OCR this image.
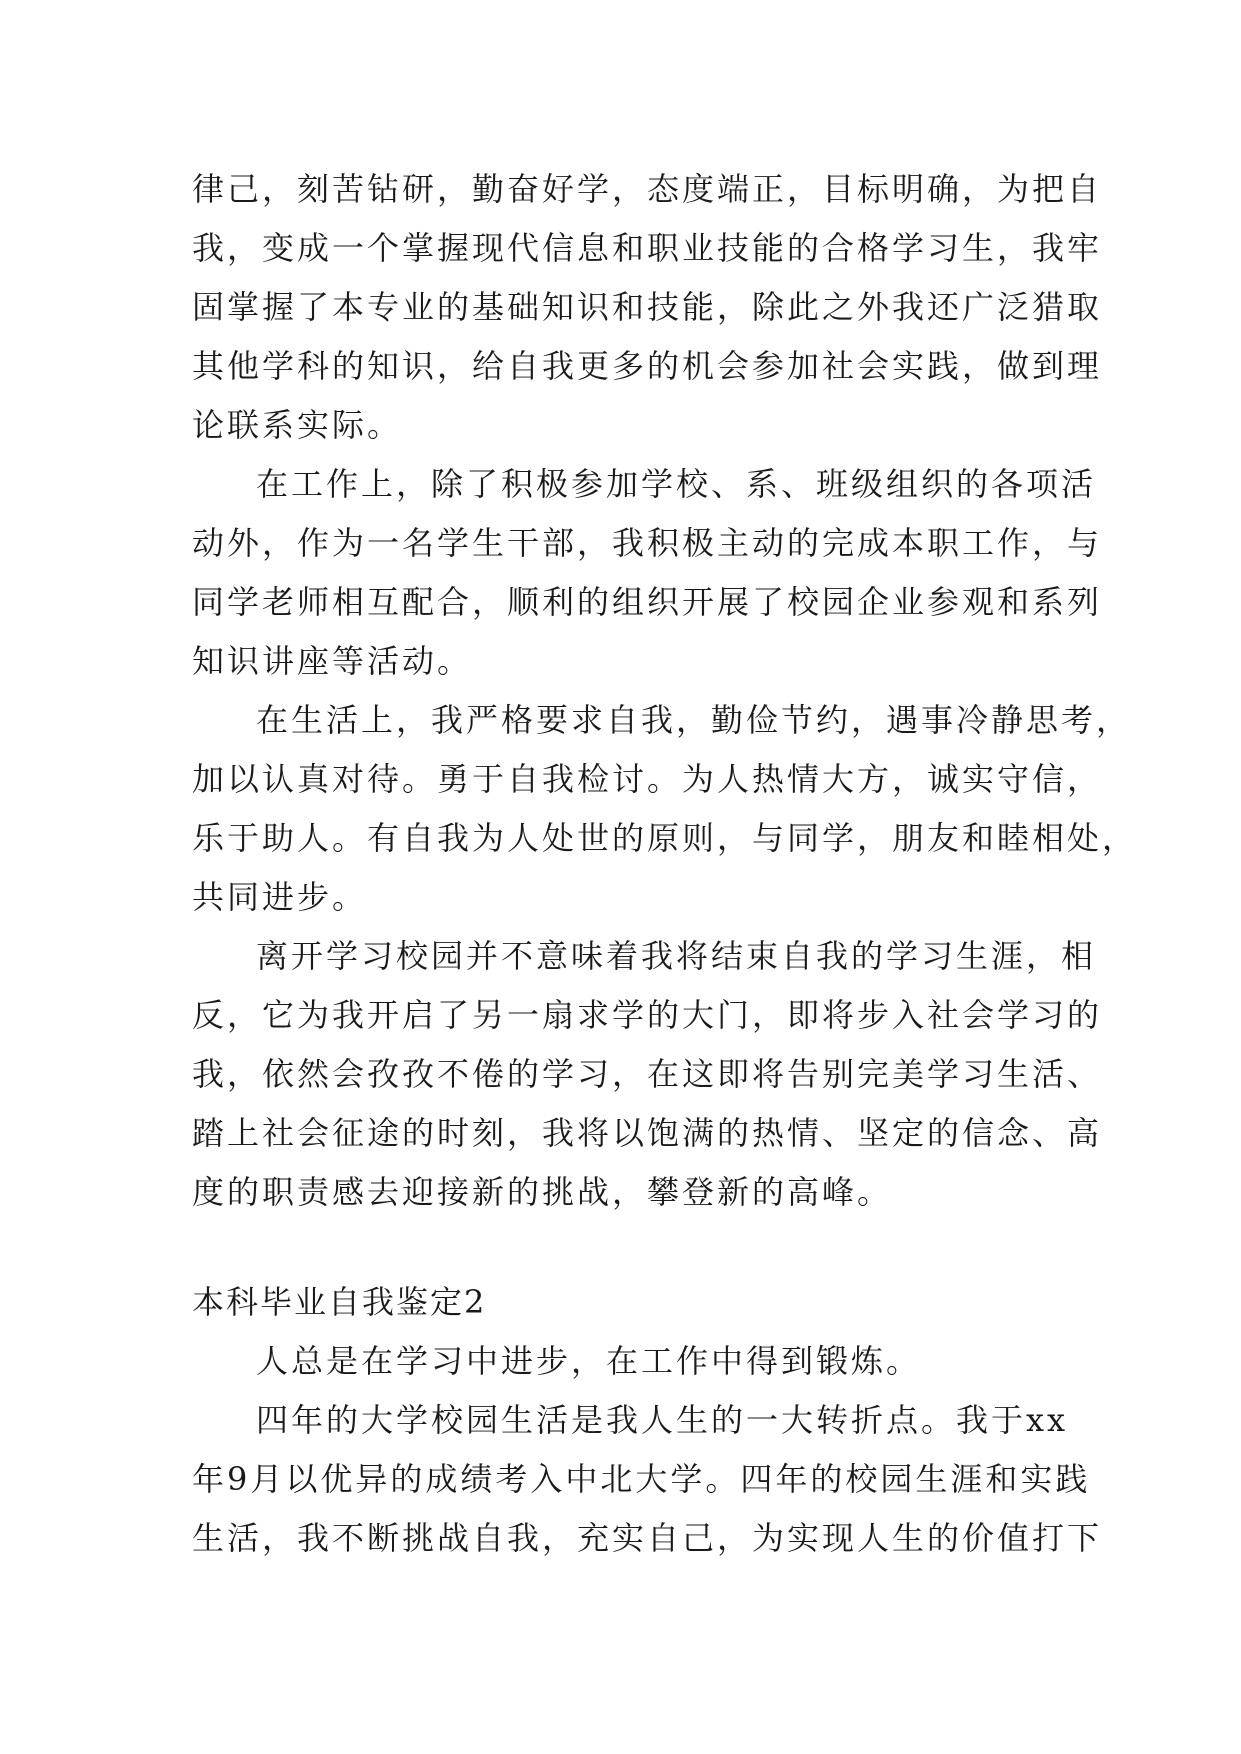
律己，刻苦钻研，勤奋好学，态度端正，目标明确，为把自
我，变成一个掌握现代信息和职业技能的合格学习生，我牢
固掌握了本专业的基础知识和技能，除此之外我还广泛猎取
其他学科的知识，给自我更多的机会参加社会实践，做到理
论联系实际。
在工作上，除了积极参加学校、系、班级组织的各项活
动外，作为一名学生干部，我积极主动的完成本职工作，与
同学老师相互配合，顺利的组织开展了校园企业参观和系列
知识讲座等活动。
在生活上，我严格要求自我，勤俭节约，遇事冷静思考，
加以认真对待。勇于自我检讨。为人热情大方，诚实守信，
乐于助人。有自我为人处世的原则，与同学，朋友和睦相处，
共同进步。
离开学习校园并不意味着我将结束自我的学习生涯，相
反，它为我开启了另一扇求学的大门，即将步入社会学习的
我，依然会孜孜不倦的学习，在这即将告别完美学习生活、
踏上社会征途的时刻，我将以饱满的热情、坚定的信念、高
度的职责感去迎接新的挑战，攀登新的高峰。
本科毕业自我鉴定2
人总是在学习中进步，在工作中得到锻炼。
四年的大学校园生活是我人生的一大转折点。我于xx
年9月以优异的成绩考入中北大学。四年的校园生涯和实践
生活，我不断挑战自我，充实自己，为实现人生的价值打下
